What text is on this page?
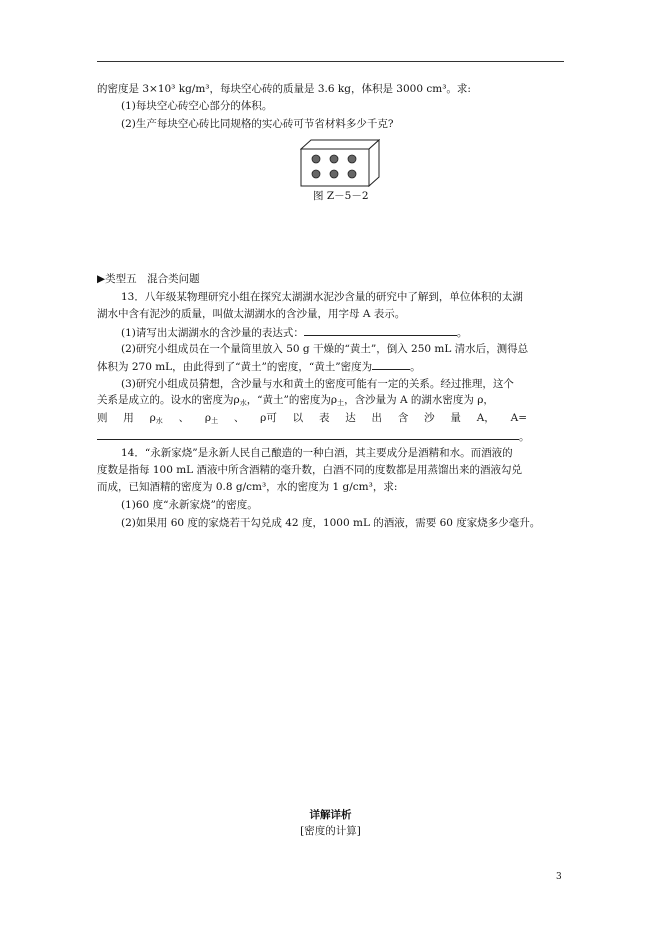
的密度是 3×10³ kg/m³，每块空心砖的质量是 3.6 kg，体积是 3000 cm³。求:
(1)每块空心砖空心部分的体积。
(2)生产每块空心砖比同规格的实心砖可节省材料多少千克?
图 Z－5－2
▶类型五　混合类问题
13．八年级某物理研究小组在探究太湖湖水泥沙含量的研究中了解到，单位体积的太湖
湖水中含有泥沙的质量，叫做太湖湖水的含沙量，用字母 A 表示。
(1)请写出太湖湖水的含沙量的表达式：	。
(2)研究小组成员在一个量筒里放入 50 g 干燥的“黄土”，倒入 250 mL 清水后，测得总
体积为 270 mL，由此得到了“黄土”的密度，“黄土”密度为	。
(3)研究小组成员猜想，含沙量与水和黄土的密度可能有一定的关系。经过推理，这个
关系是成立的。设水的密度为$\rho_水$，“黄土”的密度为$\rho_土$，含沙量为 A 的湖水密度为 ρ，
则 用 $\rho_水$ 、 $\rho_土$ 、 ρ可 以 表 达 出 含 沙 量 A， A=
。
14．“永新家烧”是永新人民自己酿造的一种白酒，其主要成分是酒精和水。而酒液的
度数是指每 100 mL 酒液中所含酒精的毫升数，白酒不同的度数都是用蒸馏出来的酒液勾兑
而成，已知酒精的密度为 0.8 g/cm³，水的密度为 1 g/cm³，求:
(1)60 度“永新家烧”的密度。
(2)如果用 60 度的家烧若干勾兑成 42 度，1000 mL 的酒液，需要 60 度家烧多少毫升。
详解详析
[密度的计算]
3
